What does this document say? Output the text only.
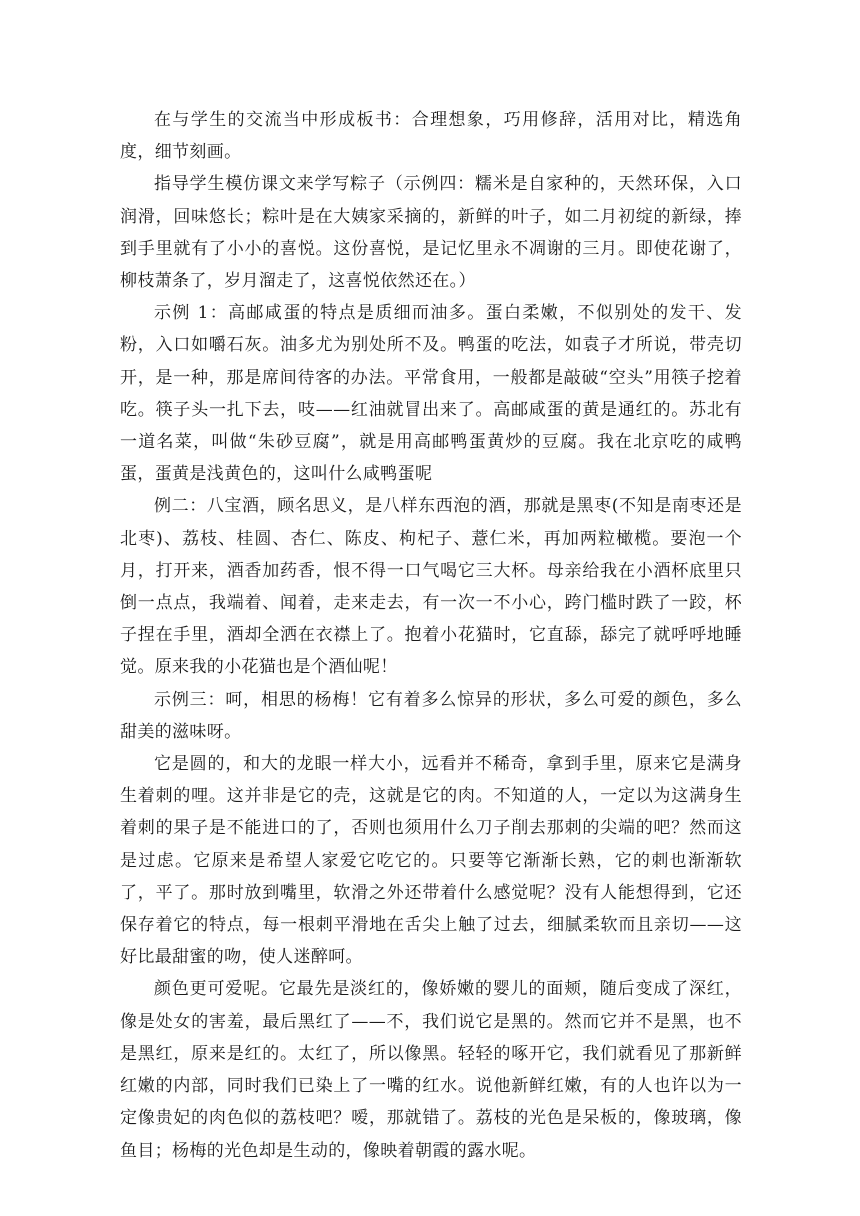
在与学生的交流当中形成板书：合理想象，巧用修辞，活用对比，精选角度，细节刻画。

指导学生模仿课文来学写粽子（示例四：糯米是自家种的，天然环保，入口润滑，回味悠长；粽叶是在大姨家采摘的，新鲜的叶子，如二月初绽的新绿，捧到手里就有了小小的喜悦。这份喜悦，是记忆里永不凋谢的三月。即使花谢了，柳枝萧条了，岁月溜走了，这喜悦依然还在。）

示例 1：高邮咸蛋的特点是质细而油多。蛋白柔嫩，不似别处的发干、发粉，入口如嚼石灰。油多尤为别处所不及。鸭蛋的吃法，如袁子才所说，带壳切开，是一种，那是席间待客的办法。平常食用，一般都是敲破“空头”用筷子挖着吃。筷子头一扎下去，吱——红油就冒出来了。高邮咸蛋的黄是通红的。苏北有一道名菜，叫做“朱砂豆腐”，就是用高邮鸭蛋黄炒的豆腐。我在北京吃的咸鸭蛋，蛋黄是浅黄色的，这叫什么咸鸭蛋呢

例二：八宝酒，顾名思义，是八样东西泡的酒，那就是黑枣(不知是南枣还是北枣)、荔枝、桂圆、杏仁、陈皮、枸杞子、薏仁米，再加两粒橄榄。要泡一个月，打开来，酒香加药香，恨不得一口气喝它三大杯。母亲给我在小酒杯底里只倒一点点，我端着、闻着，走来走去，有一次一不小心，跨门槛时跌了一跤，杯子捏在手里，酒却全洒在衣襟上了。抱着小花猫时，它直舔，舔完了就呼呼地睡觉。原来我的小花猫也是个酒仙呢！

示例三：呵，相思的杨梅！它有着多么惊异的形状，多么可爱的颜色，多么甜美的滋味呀。

它是圆的，和大的龙眼一样大小，远看并不稀奇，拿到手里，原来它是满身生着刺的哩。这并非是它的壳，这就是它的肉。不知道的人，一定以为这满身生着刺的果子是不能进口的了，否则也须用什么刀子削去那刺的尖端的吧？然而这是过虑。它原来是希望人家爱它吃它的。只要等它渐渐长熟，它的刺也渐渐软了，平了。那时放到嘴里，软滑之外还带着什么感觉呢？没有人能想得到，它还保存着它的特点，每一根刺平滑地在舌尖上触了过去，细腻柔软而且亲切——这好比最甜蜜的吻，使人迷醉呵。

颜色更可爱呢。它最先是淡红的，像娇嫩的婴儿的面颊，随后变成了深红，像是处女的害羞，最后黑红了——不，我们说它是黑的。然而它并不是黑，也不是黑红，原来是红的。太红了，所以像黑。轻轻的啄开它，我们就看见了那新鲜红嫩的内部，同时我们已染上了一嘴的红水。说他新鲜红嫩，有的人也许以为一定像贵妃的肉色似的荔枝吧？嗳，那就错了。荔枝的光色是呆板的，像玻璃，像鱼目；杨梅的光色却是生动的，像映着朝霞的露水呢。
